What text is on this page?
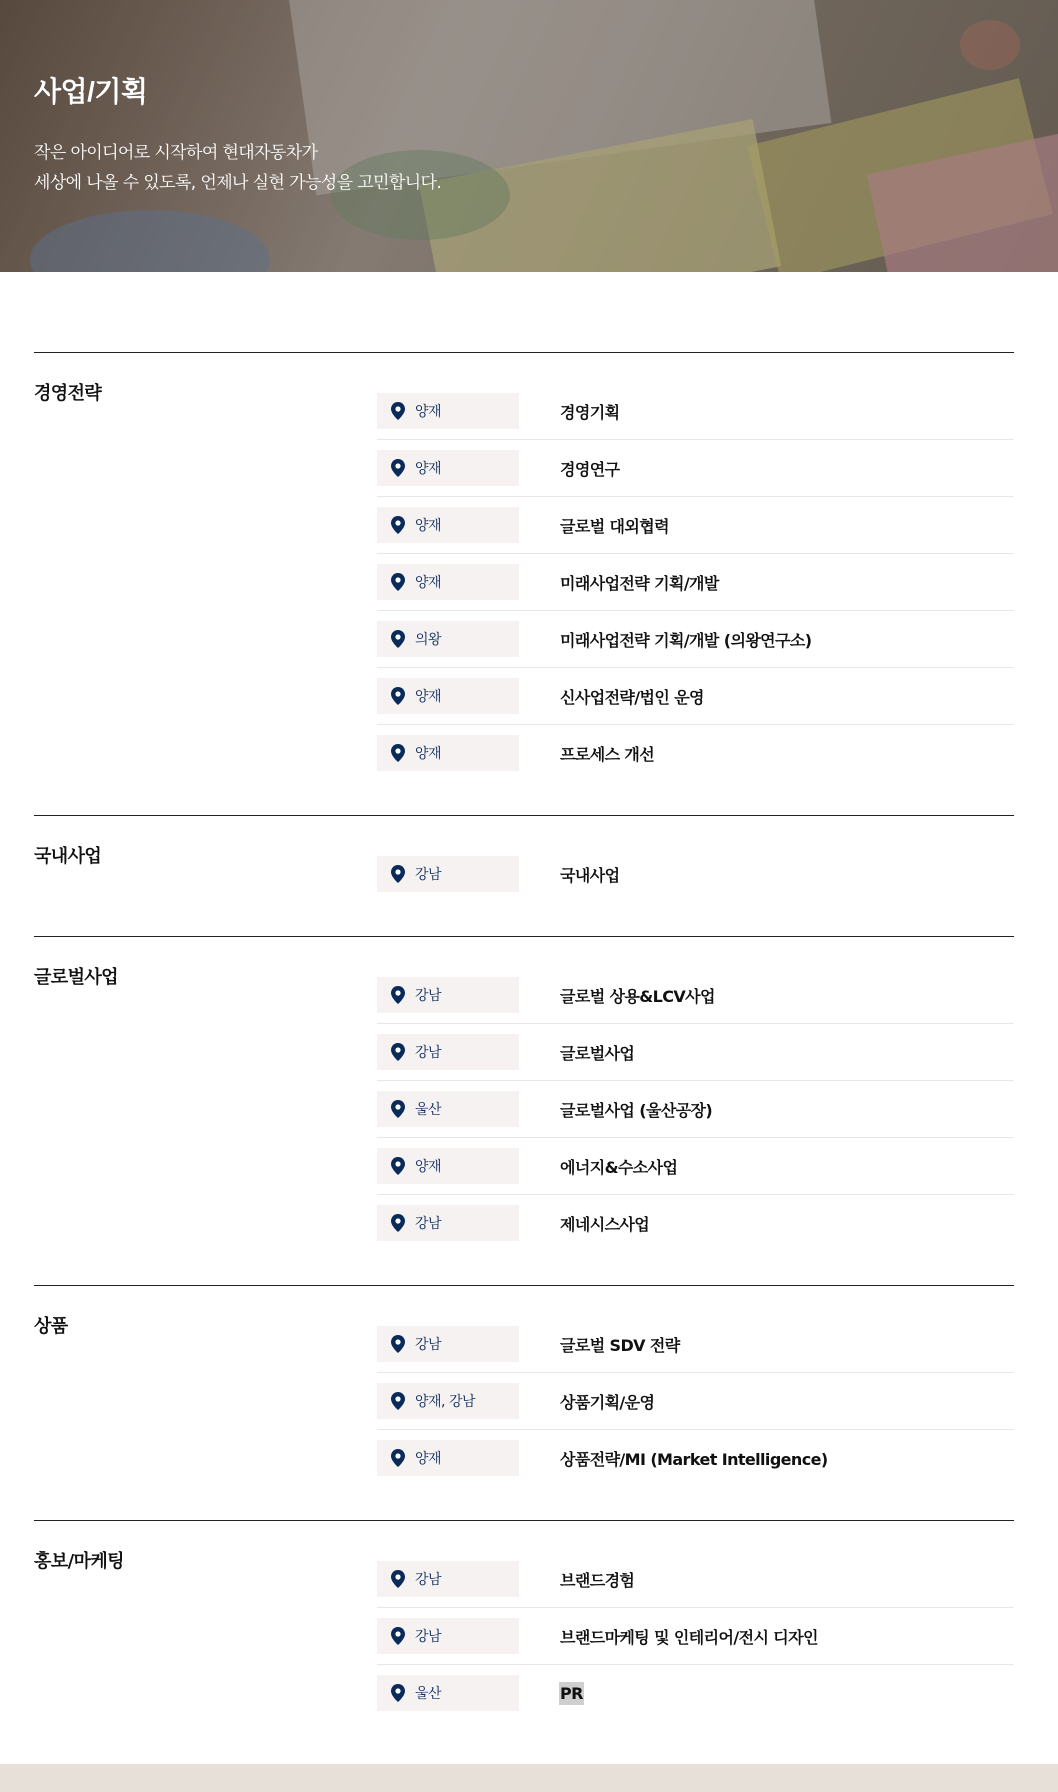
사업/기획

작은 아이디어로 시작하여 현대자동차가
세상에 나올 수 있도록, 언제나 실현 가능성을 고민합니다.

경영전략
양재	경영기획
양재	경영연구
양재	글로벌 대외협력
양재	미래사업전략 기획/개발
의왕	미래사업전략 기획/개발 (의왕연구소)
양재	신사업전략/법인 운영
양재	프로세스 개선
국내사업
강남	국내사업
글로벌사업
강남	글로벌 상용&LCV사업
강남	글로벌사업
울산	글로벌사업 (울산공장)
양재	에너지&수소사업
강남	제네시스사업
상품
강남	글로벌 SDV 전략
양재, 강남	상품기획/운영
양재	상품전략/MI (Market Intelligence)
홍보/마케팅
강남	브랜드경험
강남	브랜드마케팅 및 인테리어/전시 디자인
울산	PR
